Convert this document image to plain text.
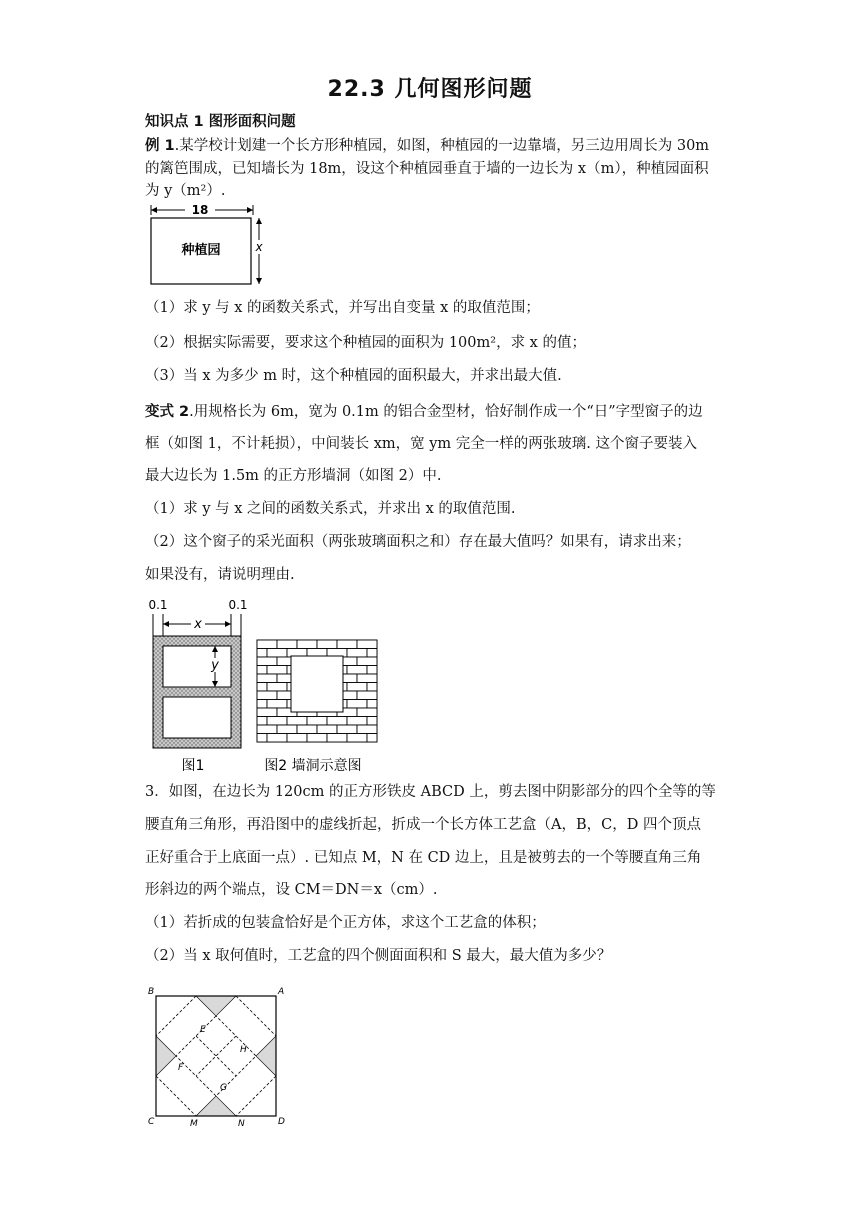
22.3 几何图形问题
知识点 1 图形面积问题
例 1.某学校计划建一个长方形种植园，如图，种植园的一边靠墙，另三边用周长为 30m
的篱笆围成，已知墙长为 18m，设这个种植园垂直于墙的一边长为 x（m），种植园面积
为 y（m²）.
18
种植园	x
（1）求 y 与 x 的函数关系式，并写出自变量 x 的取值范围；
（2）根据实际需要，要求这个种植园的面积为 100m²，求 x 的值；
（3）当 x 为多少 m 时，这个种植园的面积最大，并求出最大值.
变式 2.用规格长为 6m，宽为 0.1m 的铝合金型材，恰好制作成一个“日”字型窗子的边
框（如图 1，不计耗损），中间装长 xm，宽 ym 完全一样的两张玻璃. 这个窗子要装入
最大边长为 1.5m 的正方形墙洞（如图 2）中.
（1）求 y 与 x 之间的函数关系式，并求出 x 的取值范围.
（2）这个窗子的采光面积（两张玻璃面积之和）存在最大值吗？如果有，请求出来；
如果没有，请说明理由.
0.1	0.1
x
y
图1	图2 墙洞示意图
3．如图，在边长为 120cm 的正方形铁皮 ABCD 上，剪去图中阴影部分的四个全等的等
腰直角三角形，再沿图中的虚线折起，折成一个长方体工艺盒（A，B，C，D 四个顶点
正好重合于上底面一点）. 已知点 M，N 在 CD 边上，且是被剪去的一个等腰直角三角
形斜边的两个端点，设 CM＝DN＝x（cm）.
（1）若折成的包装盒恰好是个正方体，求这个工艺盒的体积；
（2）当 x 取何值时，工艺盒的四个侧面面积和 S 最大，最大值为多少？
B	A
C	D
E
H
F
G
M	N
